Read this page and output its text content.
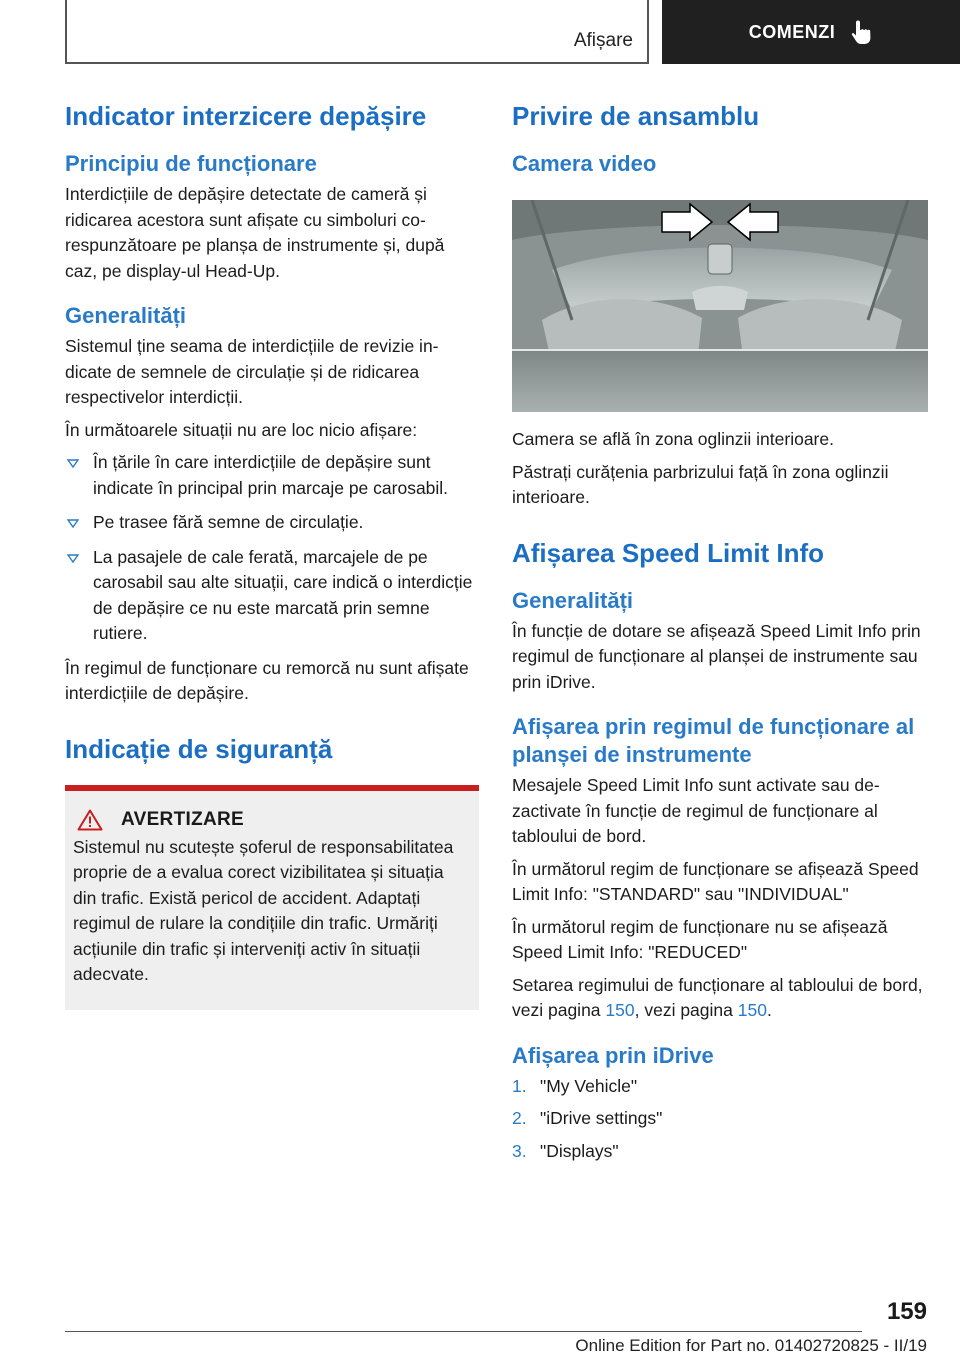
Afișare	COMENZI
Indicator interzicere depășire
Principiu de funcționare

Interdicțiile de depășire detectate de cameră și ridicarea acestora sunt afișate cu simboluri corespunzătoare pe planșa de instrumente și, după caz, pe display-ul Head-Up.

Generalități

Sistemul ține seama de interdicțiile de revizie indicate de semnele de circulație și de ridicarea respectivelor interdicții.

În următoarele situații nu are loc nicio afișare:

În țările în care interdicțiile de depășire sunt indicate în principal prin marcaje pe carosabil.
Pe trasee fără semne de circulație.
La pasajele de cale ferată, marcajele de pe carosabil sau alte situații, care indică o interdicție de depășire ce nu este marcată prin semne rutiere.

În regimul de funcționare cu remorcă nu sunt afișate interdicțiile de depășire.

Indicație de siguranță
AVERTIZARE

Sistemul nu scutește șoferul de responsabilitatea proprie de a evalua corect vizibilitatea și situația din trafic. Există pericol de accident. Adaptați regimul de rulare la condițiile din trafic. Urmăriți acțiunile din trafic și interveniți activ în situații adecvate.

Privire de ansamblu
Camera video

Camera se află în zona oglinzii interioare.

Păstrați curățenia parbrizului față în zona oglinzii interioare.

Afișarea Speed Limit Info
Generalități

În funcție de dotare se afișează Speed Limit Info prin regimul de funcționare al planșei de instrumente sau prin iDrive.

Afișarea prin regimul de funcționare al planșei de instrumente

Mesajele Speed Limit Info sunt activate sau dezactivate în funcție de regimul de funcționare al tabloului de bord.

În următorul regim de funcționare se afișează Speed Limit Info: "STANDARD" sau "INDIVIDUAL"

În următorul regim de funcționare nu se afișează Speed Limit Info: "REDUCED"

Setarea regimului de funcționare al tabloului de bord, vezi pagina 150, vezi pagina 150.

Afișarea prin iDrive
1. "My Vehicle"
2. "iDrive settings"
3. "Displays"
159
Online Edition for Part no. 01402720825 - II/19
